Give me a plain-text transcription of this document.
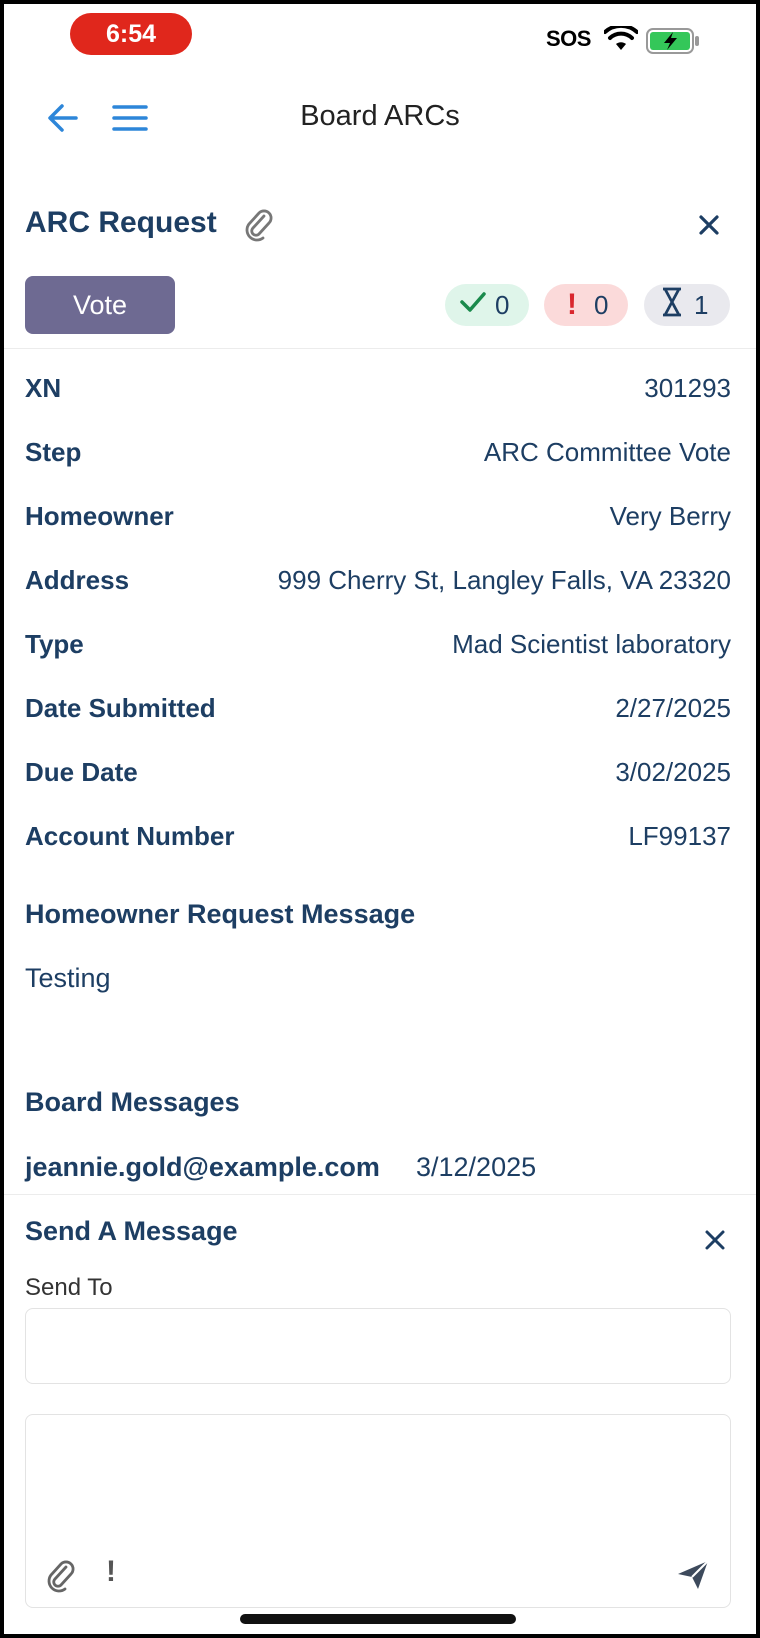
6:54	SOS
Board ARCs
ARC Request
Vote	0	! 0	1
XN	301293
Step	ARC Committee Vote
Homeowner	Very Berry
Address	999 Cherry St, Langley Falls, VA 23320
Type	Mad Scientist laboratory
Date Submitted	2/27/2025
Due Date	3/02/2025
Account Number	LF99137
Homeowner Request Message
Testing
Board Messages
jeannie.gold@example.com 3/12/2025
Send A Message
Send To
!
